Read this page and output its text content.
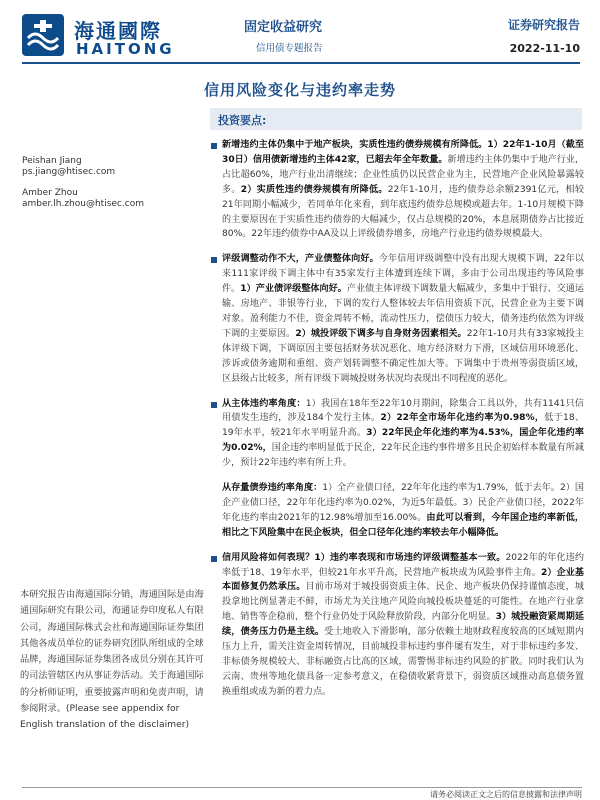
海通國際
HAITONG
固定收益研究
信用债专题报告
证券研究报告
2022-11-10
信用风险变化与违约率走势
投资要点:
Peishan Jiang
ps.jiang@htisec.com
Amber Zhou
amber.lh.zhou@htisec.com
本研究报告由海通国际分销，海通国际是由海通国际研究有限公司，海通证券印度私人有限公司，海通国际株式会社和海通国际证券集团其他各成员单位的证券研究团队所组成的全球品牌，海通国际证券集团各成员分别在其许可的司法管辖区内从事证券活动。关于海通国际的分析师证明，重要披露声明和免责声明，请参阅附录。(Please see appendix for English translation of the disclaimer)
新增违约主体仍集中于地产板块，实质性违约债券规模有所降低。1）22年1-10月（截至30日）信用债新增违约主体42家，已超去年全年数量。新增违约主体仍集中于地产行业，占比超60%，地产行业出清继续；企业性质仍以民营企业为主，民营地产企业风险暴露较多。2）实质性违约债券规模有所降低。22年1-10月，违约债券总余额2391亿元，相较21年同期小幅减少，若同单年化来看，到年底违约债券总规模或超去年。1-10月规模下降的主要原因在于实质性违约债券的大幅减少，仅占总规模的20%，本息展期债券占比接近80%。22年违约债券中AA及以上评级债券增多，房地产行业违约债券规模最大。
评级调整动作不大，产业债整体向好。今年信用评级调整中没有出现大规模下调，22年以来111家评级下调主体中有35家发行主体遭到连续下调，多由于公司出现违约等风险事件。1）产业债评级整体向好。产业债主体评级下调数量大幅减少，多集中于银行、交通运输、房地产、非银等行业，下调的发行人整体较去年信用资质下沉，民营企业为主要下调对象。盈利能力不佳，资金周转不畅，流动性压力，偿债压力较大，债务违约依然为评级下调的主要原因。2）城投评级下调多与自身财务因素相关。22年1-10月共有33家城投主体评级下调，下调原因主要包括财务状况恶化、地方经济财力下滑，区域信用环境恶化、涉诉或债务逾期和重组、资产划转调整不确定性加大等。下调集中于贵州等弱资质区域，区县级占比较多，所有评级下调城投财务状况均表现出不同程度的恶化。
从主体违约率角度：1）我国在18年至22年10月期间，除集合工具以外，共有1141只信用债发生违约，涉及184个发行主体。2）22年全市场年化违约率为0.98%，低于18、19年水平，较21年水平明显升高。3）22年民企年化违约率为4.53%，国企年化违约率为0.02%，国企违约率明显低于民企，22年民企违约事件增多且民企初始样本数量有所减少，预计22年违约率有所上升。
从存量债券违约率角度：1）全产业债口径，22年年化违约率为1.79%，低于去年。2）国企产业债口径，22年年化违约率为0.02%，为近5年最低。3）民企产业债口径，2022年年化违约率由2021年的12.98%增加至16.00%。由此可以看到，今年国企违约率新低，相比之下风险集中在民企板块，但全口径年化违约率较去年小幅降低。
信用风险将如何表现？1）违约率表现和市场违约评级调整基本一致。2022年的年化违约率低于18、19年水平，但较21年水平升高，民营地产板块成为风险事件主角。2）企业基本面修复仍然承压。目前市场对于城投弱资质主体、民企、地产板块仍保持谨慎态度，城投拿地比例显著走不鲜，市场尤为关注地产风险向城投板块蔓延的可能性。在地产行业拿地、销售等企稳前，整个行业仍处于风险释放阶段，内部分化明显。3）城投融资紧周期延续，债务压力仍是主线。受土地收入下滑影响，部分依赖土地财政程度较高的区域短期内压力上升，需关注资金周转情况，目前城投非标违约事件屡有发生，对于非标违约多发、非标债务规模较大、非标融资占比高的区域，需警惕非标违约风险的扩散。同时我们认为云南、贵州等地化债具备一定参考意义，在稳债收紧背景下，弱资质区域推动高息债务置换重组或成为新的着力点。
请务必阅读正文之后的信息披露和法律声明
